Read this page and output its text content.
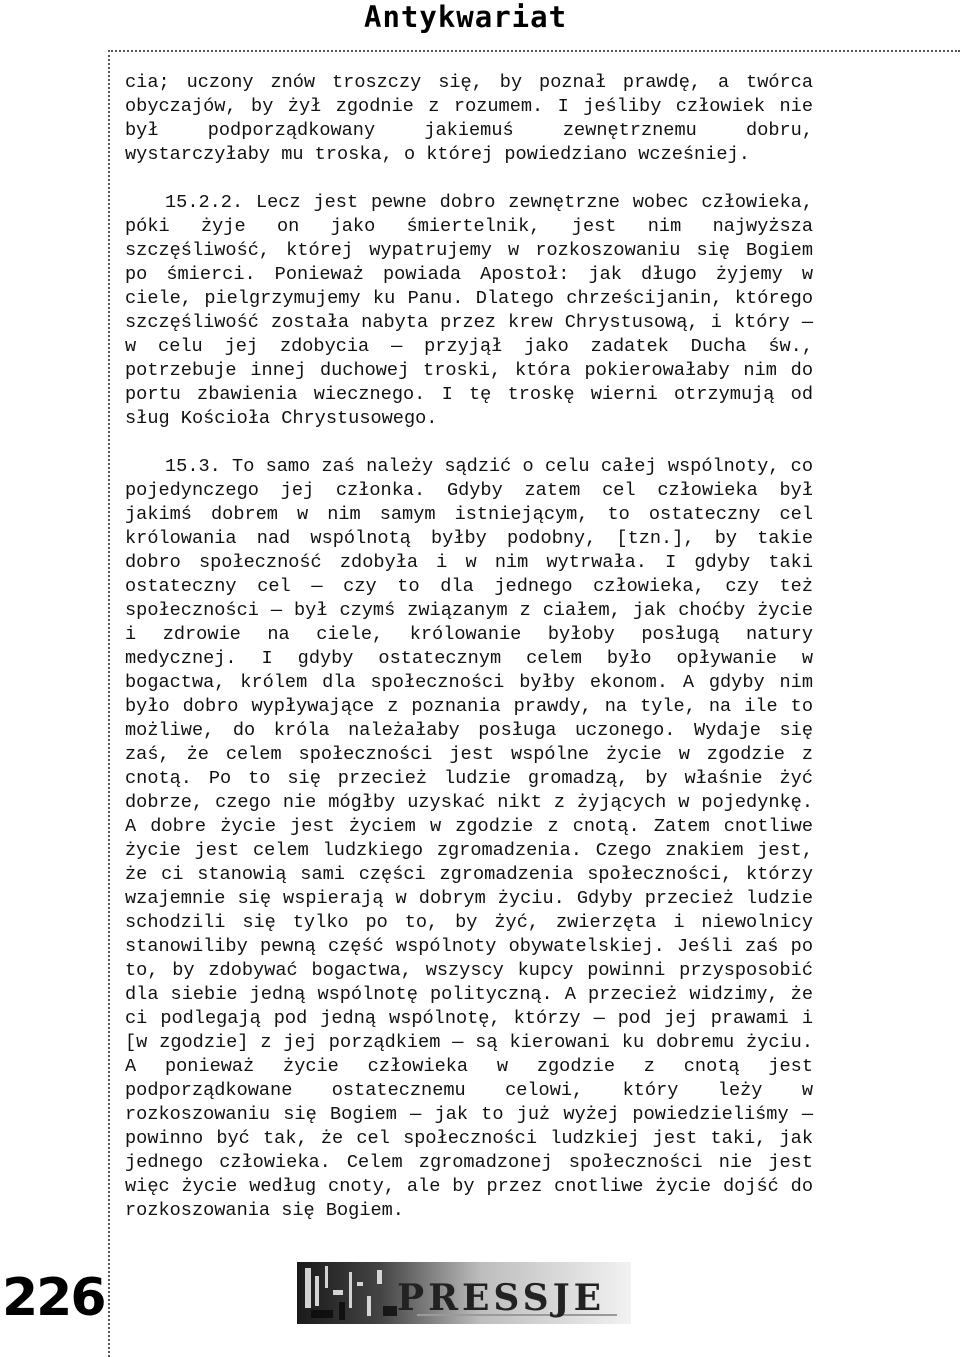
Antykwariat

cia; uczony znów troszczy się, by poznał prawdę, a twórca obyczajów, by żył zgodnie z rozumem. I jeśliby człowiek nie był podporządkowany jakiemuś zewnętrznemu dobru, wystarczyłaby mu troska, o której powiedziano wcześniej.

15.2.2. Lecz jest pewne dobro zewnętrzne wobec człowieka, póki żyje on jako śmiertelnik, jest nim najwyższa szczęśliwość, której wypatrujemy w rozkoszowaniu się Bogiem po śmierci. Ponieważ powiada Apostoł: jak długo żyjemy w ciele, pielgrzymujemy ku Panu. Dlatego chrześcijanin, którego szczęśliwość została nabyta przez krew Chrystusową, i który — w celu jej zdobycia — przyjął jako zadatek Ducha św., potrzebuje innej duchowej troski, która pokierowałaby nim do portu zbawienia wiecznego. I tę troskę wierni otrzymują od sług Kościoła Chrystusowego.

15.3. To samo zaś należy sądzić o celu całej wspólnoty, co pojedynczego jej członka. Gdyby zatem cel człowieka był jakimś dobrem w nim samym istniejącym, to ostateczny cel królowania nad wspólnotą byłby podobny, [tzn.], by takie dobro społeczność zdobyła i w nim wytrwała. I gdyby taki ostateczny cel — czy to dla jednego człowieka, czy też społeczności — był czymś związanym z ciałem, jak choćby życie i zdrowie na ciele, królowanie byłoby posługą natury medycznej. I gdyby ostatecznym celem było opływanie w bogactwa, królem dla społeczności byłby ekonom. A gdyby nim było dobro wypływające z poznania prawdy, na tyle, na ile to możliwe, do króla należałaby posługa uczonego. Wydaje się zaś, że celem społeczności jest wspólne życie w zgodzie z cnotą. Po to się przecież ludzie gromadzą, by właśnie żyć dobrze, czego nie mógłby uzyskać nikt z żyjących w pojedynkę. A dobre życie jest życiem w zgodzie z cnotą. Zatem cnotliwe życie jest celem ludzkiego zgromadzenia. Czego znakiem jest, że ci stanowią sami części zgromadzenia społeczności, którzy wzajemnie się wspierają w dobrym życiu. Gdyby przecież ludzie schodzili się tylko po to, by żyć, zwierzęta i niewolnicy stanowiliby pewną część wspólnoty obywatelskiej. Jeśli zaś po to, by zdobywać bogactwa, wszyscy kupcy powinni przysposobić dla siebie jedną wspólnotę polityczną. A przecież widzimy, że ci podlegają pod jedną wspólnotę, którzy — pod jej prawami i [w zgodzie] z jej porządkiem — są kierowani ku dobremu życiu. A ponieważ życie człowieka w zgodzie z cnotą jest podporządkowane ostatecznemu celowi, który leży w rozkoszowaniu się Bogiem — jak to już wyżej powiedzieliśmy — powinno być tak, że cel społeczności ludzkiej jest taki, jak jednego człowieka. Celem zgromadzonej społeczności nie jest więc życie według cnoty, ale by przez cnotliwe życie dojść do rozkoszowania się Bogiem.

226	PRESSJE
